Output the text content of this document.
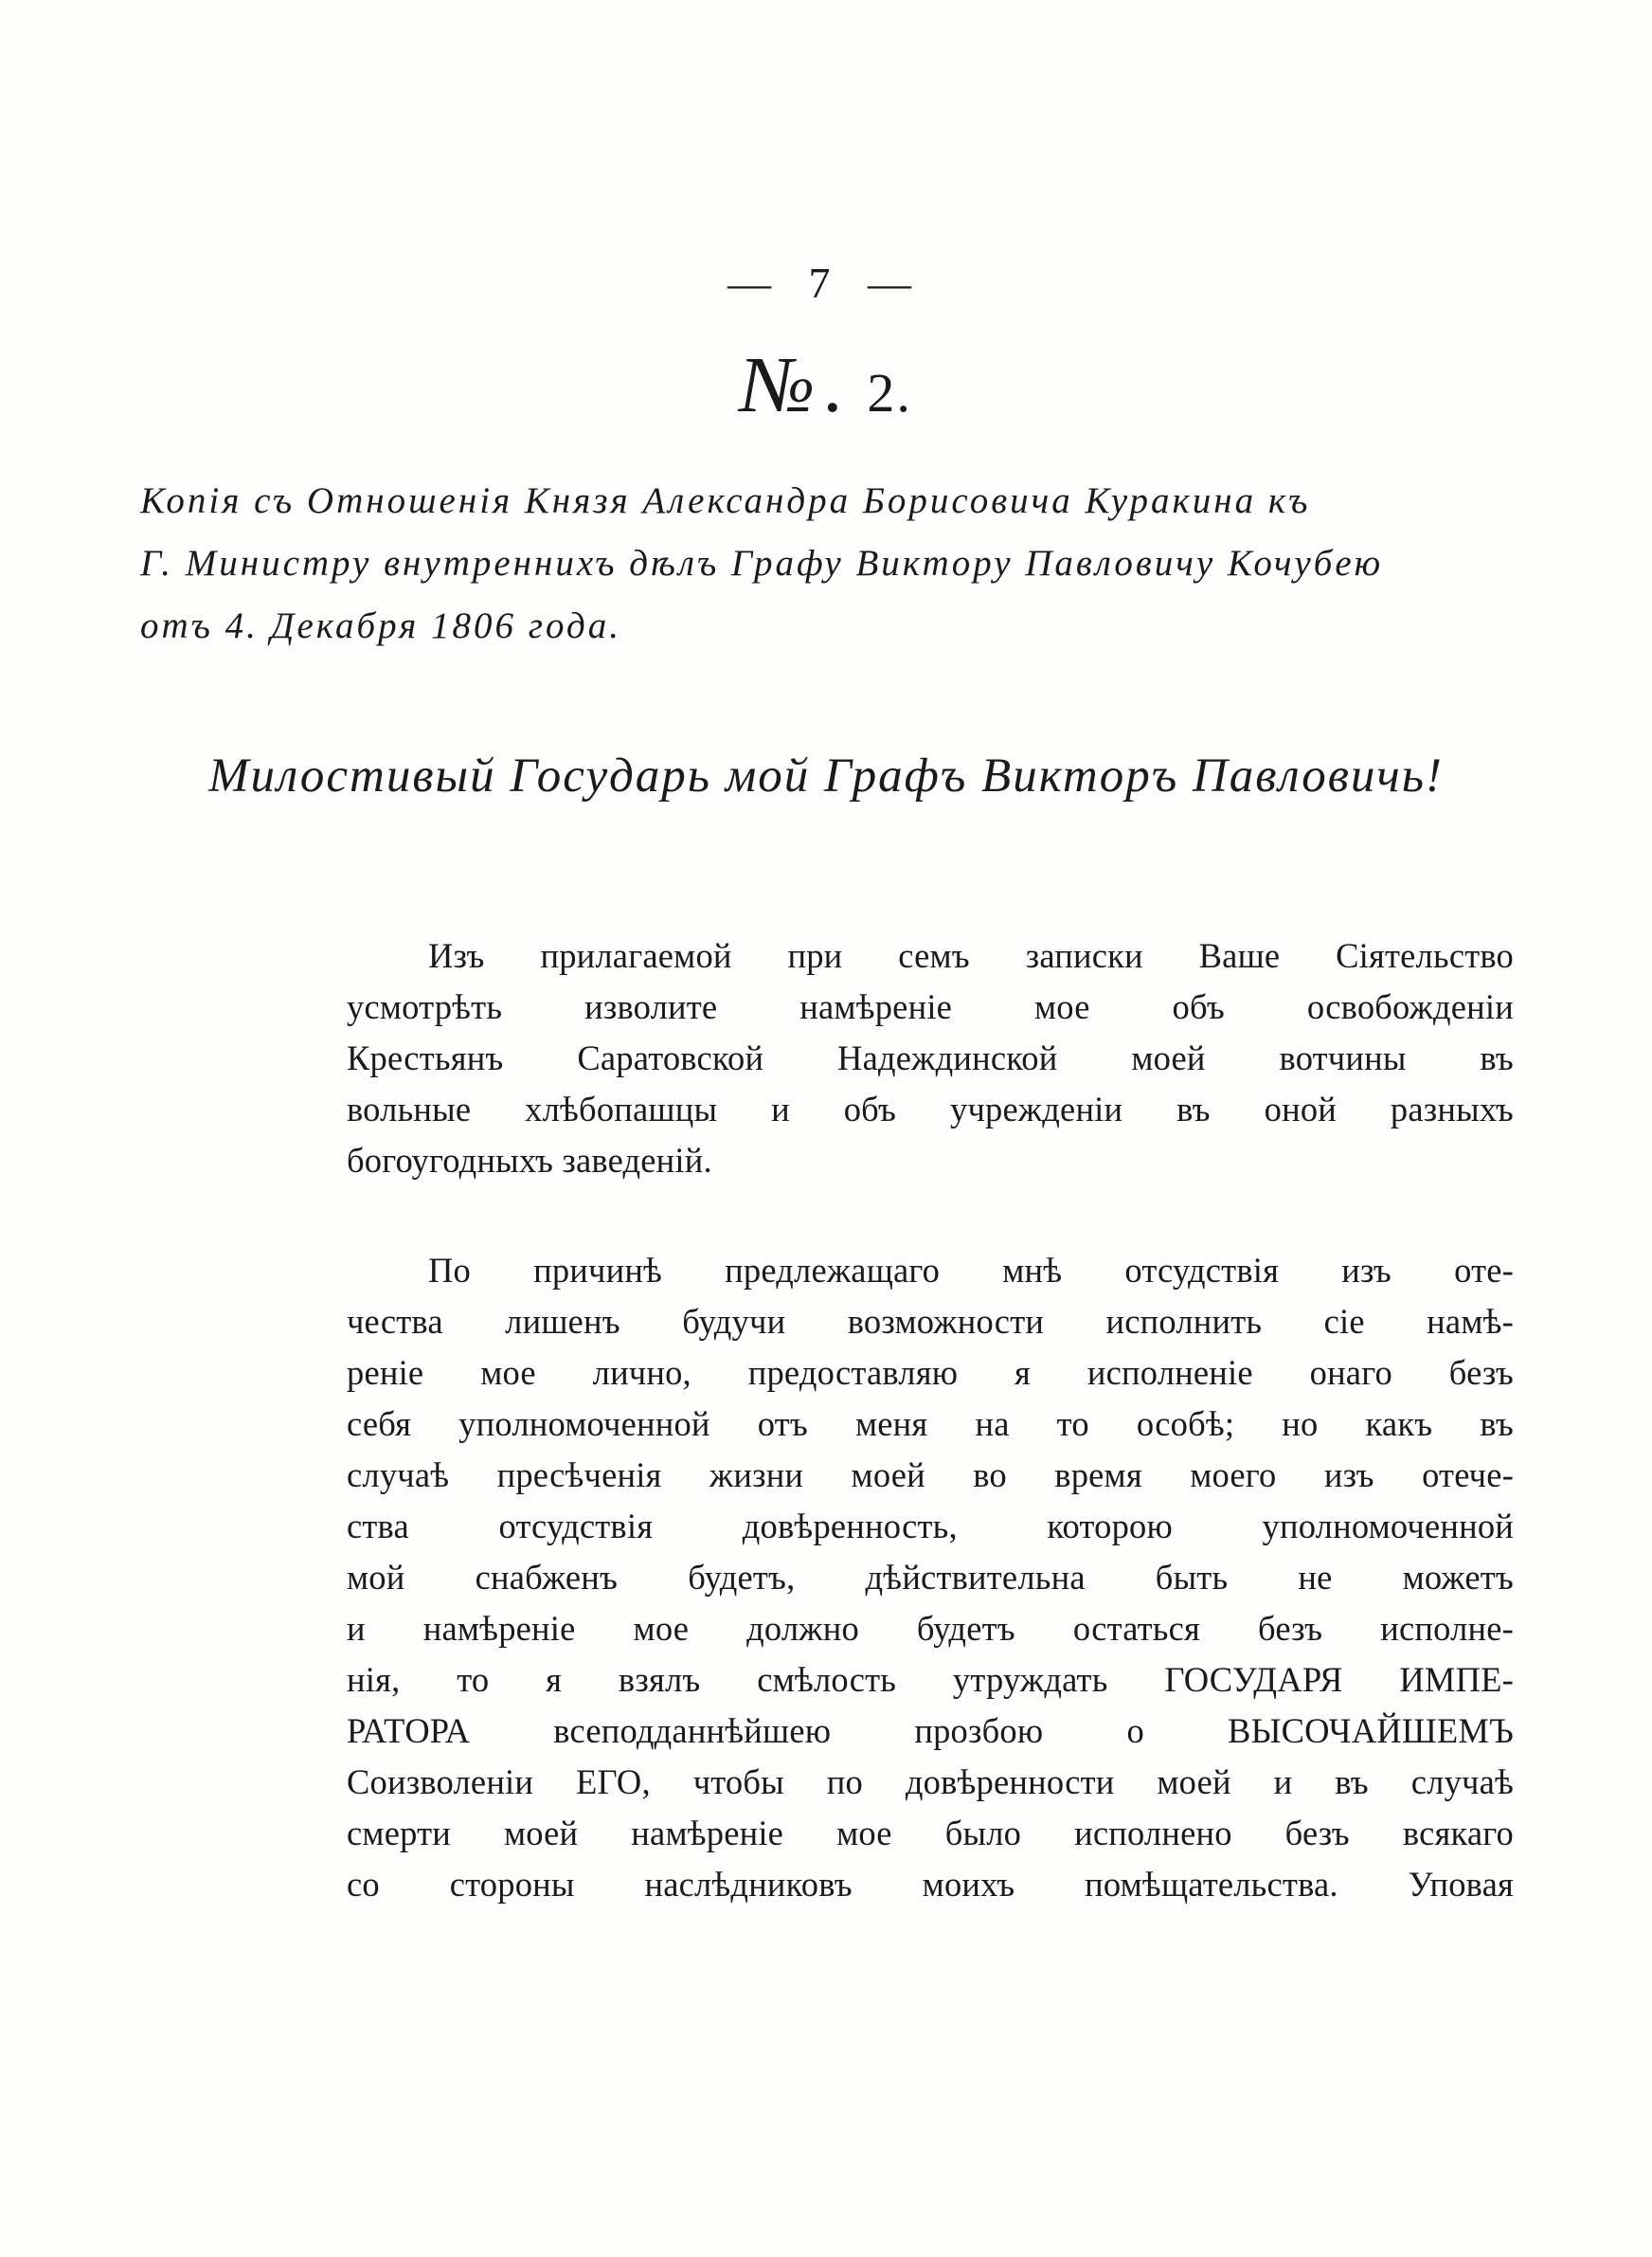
— 7 —
№. 2.
Копія съ Отношенія Князя Александра Борисовича Куракина къ
Г. Министру внутреннихъ дѣлъ Графу Виктору Павловичу Кочубею
отъ 4. Декабря 1806 года.
Милостивый Государь мой Графъ Викторъ Павловичь!
Изъ прилагаемой при семъ записки Ваше Сіятельство
усмотрѣть изволите намѣреніе мое объ освобожденіи
Крестьянъ Саратовской Надеждинской моей вотчины въ
вольные хлѣбопашцы и объ учрежденіи въ оной разныхъ
богоугодныхъ заведеній.
По причинѣ предлежащаго мнѣ отсудствія изъ оте-
чества лишенъ будучи возможности исполнить сіе намѣ-
реніе мое лично, предоставляю я исполненіе онаго безъ
себя уполномоченной отъ меня на то особѣ; но какъ въ
случаѣ пресѣченія жизни моей во время моего изъ отече-
ства отсудствія довѣренность, которою уполномоченной
мой снабженъ будетъ, дѣйствительна быть не можетъ
и намѣреніе мое должно будетъ остаться безъ исполне-
нія, то я взялъ смѣлость утруждать ГОСУДАРЯ ИМПЕ-
РАТОРА всеподданнѣйшею прозбою о ВЫСОЧАЙШЕМЪ
Соизволеніи ЕГО, чтобы по довѣренности моей и въ случаѣ
смерти моей намѣреніе мое было исполнено безъ всякаго
со стороны наслѣдниковъ моихъ помѣщательства. Уповая
